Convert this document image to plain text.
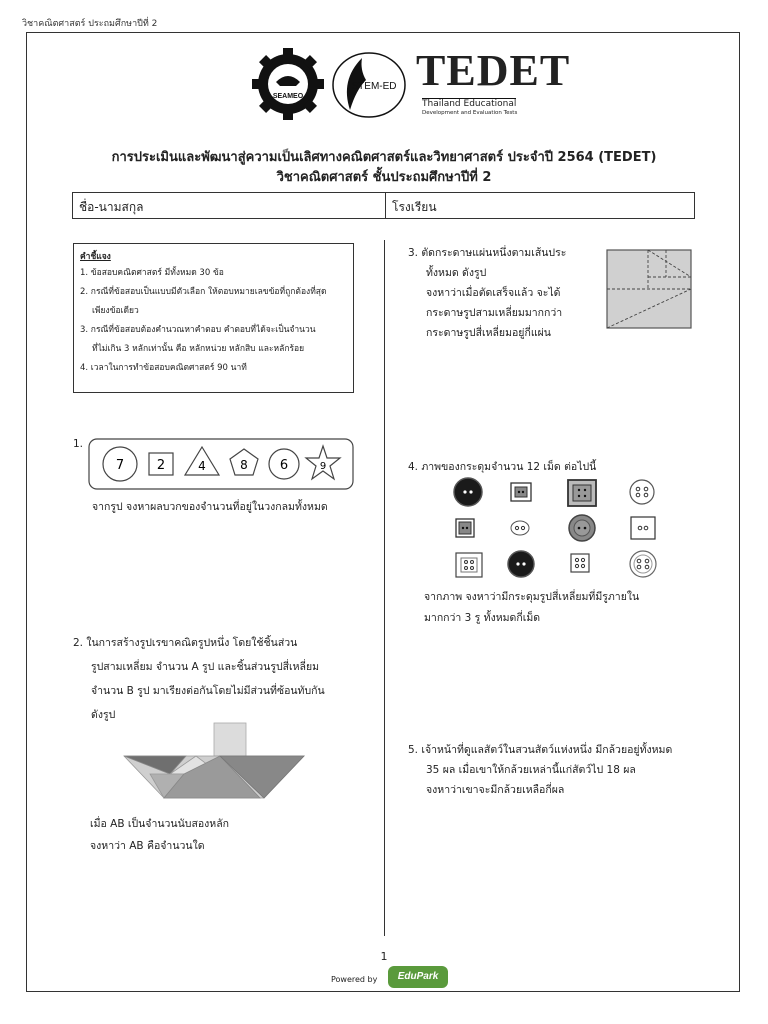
วิชาคณิตศาสตร์ ประถมศึกษาปีที่ 2
SEAMEO
STEM-ED TEDET
Thailand Educational
Development and Evaluation Tests
การประเมินและพัฒนาสู่ความเป็นเลิศทางคณิตศาสตร์และวิทยาศาสตร์ ประจำปี 2564 (TEDET)
วิชาคณิตศาสตร์ ชั้นประถมศึกษาปีที่ 2
ชื่อ-นามสกุล	โรงเรียน
คำชี้แจง
1. ข้อสอบคณิตศาสตร์ มีทั้งหมด 30 ข้อ
2. กรณีที่ข้อสอบเป็นแบบมีตัวเลือก ให้ตอบหมายเลขข้อที่ถูกต้องที่สุด
เพียงข้อเดียว
3. กรณีที่ข้อสอบต้องคำนวณหาคำตอบ คำตอบที่ได้จะเป็นจำนวน
ที่ไม่เกิน 3 หลักเท่านั้น คือ หลักหน่วย หลักสิบ และหลักร้อย
4. เวลาในการทำข้อสอบคณิตศาสตร์ 90 นาที
1.
7	2	4	8 6	9
จากรูป จงหาผลบวกของจำนวนที่อยู่ในวงกลมทั้งหมด
2. ในการสร้างรูปเรขาคณิตรูปหนึ่ง โดยใช้ชิ้นส่วน
รูปสามเหลี่ยม จำนวน A รูป และชิ้นส่วนรูปสี่เหลี่ยม
จำนวน B รูป มาเรียงต่อกันโดยไม่มีส่วนที่ซ้อนทับกัน
ดังรูป
เมื่อ AB เป็นจำนวนนับสองหลัก
จงหาว่า AB คือจำนวนใด
3. ตัดกระดาษแผ่นหนึ่งตามเส้นประ
ทั้งหมด ดังรูป
จงหาว่าเมื่อตัดเสร็จแล้ว จะได้
กระดาษรูปสามเหลี่ยมมากกว่า
กระดาษรูปสี่เหลี่ยมอยู่กี่แผ่น
4. ภาพของกระดุมจำนวน 12 เม็ด ต่อไปนี้
จากภาพ จงหาว่ามีกระดุมรูปสี่เหลี่ยมที่มีรูภายใน
มากกว่า 3 รู ทั้งหมดกี่เม็ด
5. เจ้าหน้าที่ดูแลสัตว์ในสวนสัตว์แห่งหนึ่ง มีกล้วยอยู่ทั้งหมด
35 ผล เมื่อเขาให้กล้วยเหล่านี้แก่สัตว์ไป 18 ผล
จงหาว่าเขาจะมีกล้วยเหลือกี่ผล
1
Powered by	EduPark
